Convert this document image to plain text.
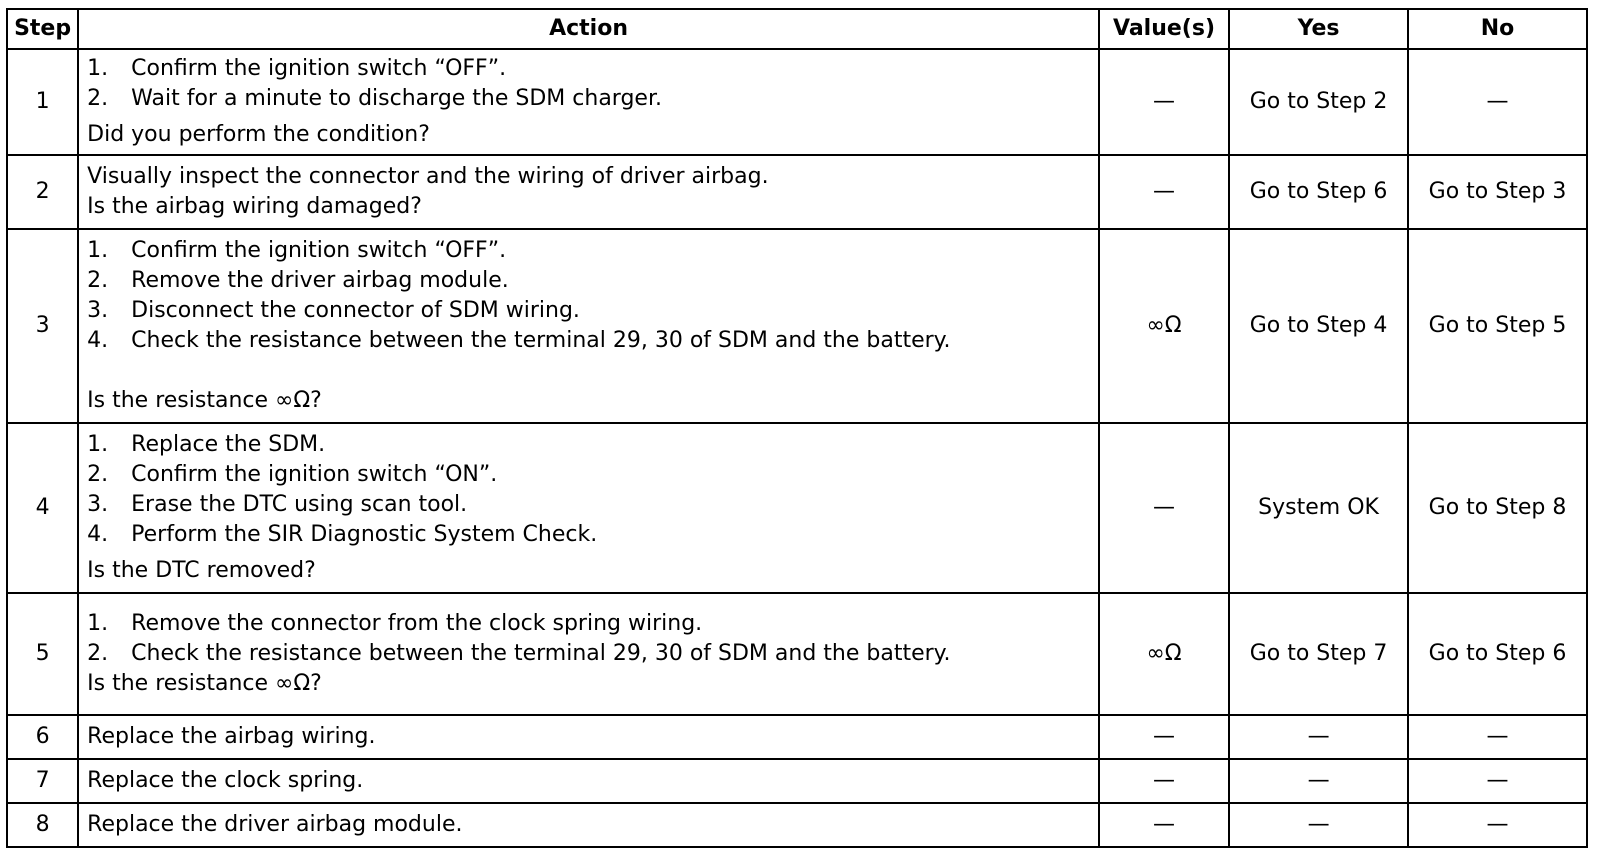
Step	Action	Value(s)	Yes	No
1	1. Confirm the ignition switch “OFF”.
2. Wait for a minute to discharge the SDM charger.
Did you perform the condition?	—	Go to Step 2	—
2	Visually inspect the connector and the wiring of driver airbag.
Is the airbag wiring damaged?	—	Go to Step 6	Go to Step 3
3	1. Confirm the ignition switch “OFF”.
2. Remove the driver airbag module.
3. Disconnect the connector of SDM wiring.
4. Check the resistance between the terminal 29, 30 of SDM and the battery.
Is the resistance ∞Ω?	∞Ω	Go to Step 4	Go to Step 5
4	1. Replace the SDM.
2. Confirm the ignition switch “ON”.
3. Erase the DTC using scan tool.
4. Perform the SIR Diagnostic System Check.
Is the DTC removed?	—	System OK	Go to Step 8
5	1. Remove the connector from the clock spring wiring.
2. Check the resistance between the terminal 29, 30 of SDM and the battery.
Is the resistance ∞Ω?	∞Ω	Go to Step 7	Go to Step 6
6	Replace the airbag wiring.	—	—	—
7	Replace the clock spring.	—	—	—
8	Replace the driver airbag module.	—	—	—
